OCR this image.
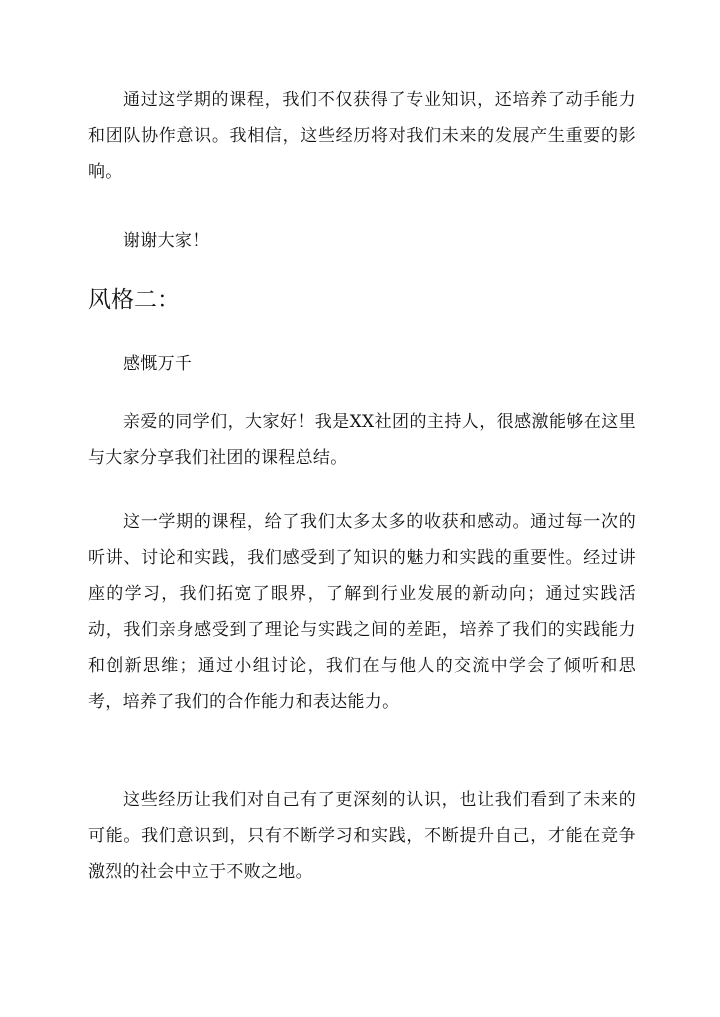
通过这学期的课程，我们不仅获得了专业知识，还培养了动手能力和团队协作意识。我相信，这些经历将对我们未来的发展产生重要的影响。

谢谢大家！

风格二：

感慨万千

亲爱的同学们，大家好！我是XX社团的主持人，很感激能够在这里与大家分享我们社团的课程总结。

这一学期的课程，给了我们太多太多的收获和感动。通过每一次的听讲、讨论和实践，我们感受到了知识的魅力和实践的重要性。经过讲座的学习，我们拓宽了眼界，了解到行业发展的新动向；通过实践活动，我们亲身感受到了理论与实践之间的差距，培养了我们的实践能力和创新思维；通过小组讨论，我们在与他人的交流中学会了倾听和思考，培养了我们的合作能力和表达能力。

这些经历让我们对自己有了更深刻的认识，也让我们看到了未来的可能。我们意识到，只有不断学习和实践，不断提升自己，才能在竞争激烈的社会中立于不败之地。
